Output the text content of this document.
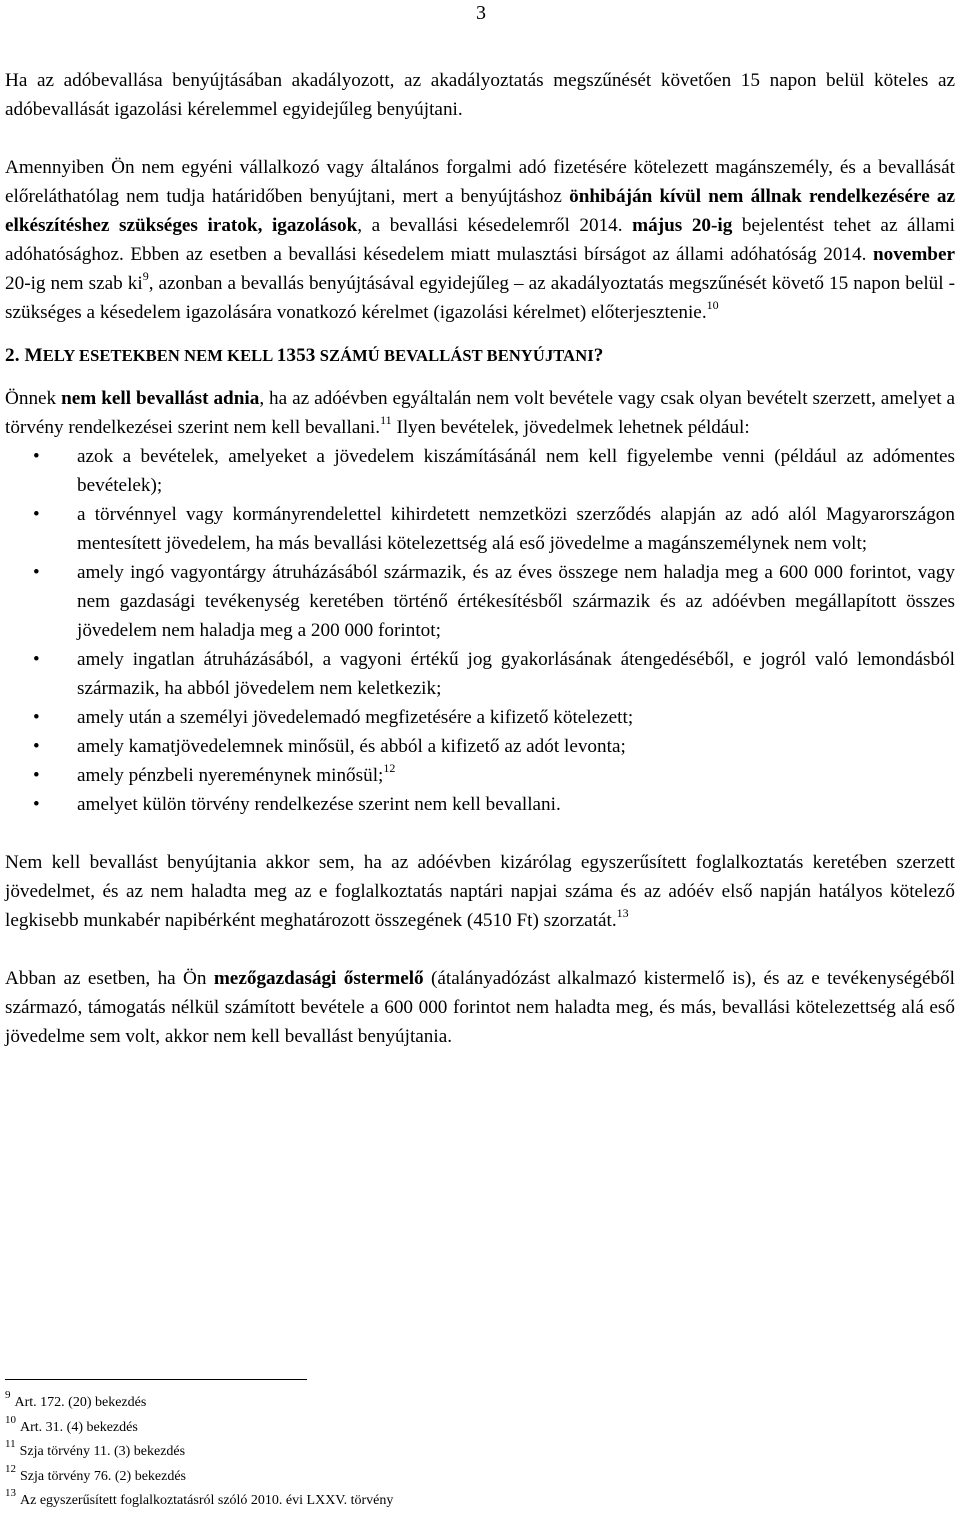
3

Ha az adóbevallása benyújtásában akadályozott, az akadályoztatás megszűnését követően 15 napon belül köteles az adóbevallását igazolási kérelemmel egyidejűleg benyújtani.

Amennyiben Ön nem egyéni vállalkozó vagy általános forgalmi adó fizetésére kötelezett magánszemély, és a bevallását előreláthatólag nem tudja határidőben benyújtani, mert a benyújtáshoz önhibáján kívül nem állnak rendelkezésére az elkészítéshez szükséges iratok, igazolások, a bevallási késedelemről 2014. május 20-ig bejelentést tehet az állami adóhatósághoz. Ebben az esetben a bevallási késedelem miatt mulasztási bírságot az állami adóhatóság 2014. november 20-ig nem szab $ki^9$, azonban a bevallás benyújtásával egyidejűleg – az akadályoztatás megszűnését követő 15 napon belül - szükséges a késedelem igazolására vonatkozó kérelmet (igazolási kérelmet) előterjesztenie.$^{10}$

2. MELY ESETEKBEN NEM KELL 1353 SZÁMÚ BEVALLÁST BENYÚJTANI?

Önnek nem kell bevallást adnia, ha az adóévben egyáltalán nem volt bevétele vagy csak olyan bevételt szerzett, amelyet a törvény rendelkezései szerint nem kell bevallani.$^{11}$ Ilyen bevételek, jövedelmek lehetnek például:

• azok a bevételek, amelyeket a jövedelem kiszámításánál nem kell figyelembe venni (például az adómentes bevételek);
• a törvénnyel vagy kormányrendelettel kihirdetett nemzetközi szerződés alapján az adó alól Magyarországon mentesített jövedelem, ha más bevallási kötelezettség alá eső jövedelme a magánszemélynek nem volt;
• amely ingó vagyontárgy átruházásából származik, és az éves összege nem haladja meg a 600 000 forintot, vagy nem gazdasági tevékenység keretében történő értékesítésből származik és az adóévben megállapított összes jövedelem nem haladja meg a 200 000 forintot;
• amely ingatlan átruházásából, a vagyoni értékű jog gyakorlásának átengedéséből, e jogról való lemondásból származik, ha abból jövedelem nem keletkezik;
• amely után a személyi jövedelemadó megfizetésére a kifizető kötelezett;
• amely kamatjövedelemnek minősül, és abból a kifizető az adót levonta;
• amely pénzbeli nyereménynek minősül;$^{12}$
• amelyet külön törvény rendelkezése szerint nem kell bevallani.

Nem kell bevallást benyújtania akkor sem, ha az adóévben kizárólag egyszerűsített foglalkoztatás keretében szerzett jövedelmet, és az nem haladta meg az e foglalkoztatás naptári napjai száma és az adóév első napján hatályos kötelező legkisebb munkabér napibérként meghatározott összegének (4510 Ft) szorzatát.$^{13}$

Abban az esetben, ha Ön mezőgazdasági őstermelő (átalányadózást alkalmazó kistermelő is), és az e tevékenységéből származó, támogatás nélkül számított bevétele a 600 000 forintot nem haladta meg, és más, bevallási kötelezettség alá eső jövedelme sem volt, akkor nem kell bevallást benyújtania.

$^9$ Art. 172. (20) bekezdés
$^{10}$ Art. 31. (4) bekezdés
$^{11}$ Szja törvény 11. (3) bekezdés
$^{12}$ Szja törvény 76. (2) bekezdés
$^{13}$ Az egyszerűsített foglalkoztatásról szóló 2010. évi LXXV. törvény
